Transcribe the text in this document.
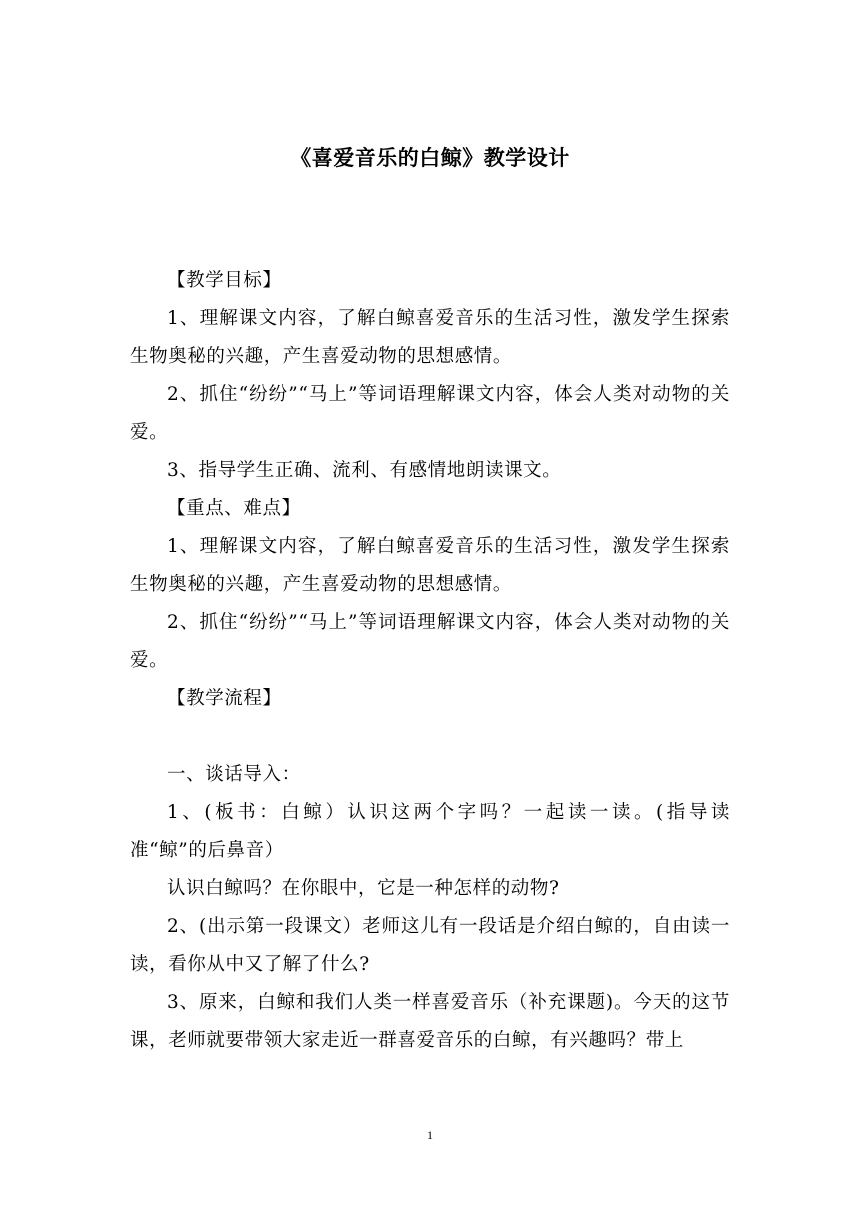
《喜爱音乐的白鲸》教学设计

【教学目标】

1、理解课文内容，了解白鲸喜爱音乐的生活习性，激发学生探索生物奥秘的兴趣，产生喜爱动物的思想感情。

2、抓住“纷纷”“马上”等词语理解课文内容，体会人类对动物的关爱。

3、指导学生正确、流利、有感情地朗读课文。

【重点、难点】

1、理解课文内容，了解白鲸喜爱音乐的生活习性，激发学生探索生物奥秘的兴趣，产生喜爱动物的思想感情。

2、抓住“纷纷”“马上”等词语理解课文内容，体会人类对动物的关爱。

【教学流程】

一、谈话导入：

1、(板书：白鲸）认识这两个字吗？一起读一读。(指导读准“鲸”的后鼻音）

认识白鲸吗？在你眼中，它是一种怎样的动物?

2、(出示第一段课文）老师这儿有一段话是介绍白鲸的，自由读一读，看你从中又了解了什么?

3、原来，白鲸和我们人类一样喜爱音乐（补充课题)。今天的这节课，老师就要带领大家走近一群喜爱音乐的白鲸，有兴趣吗？带上

1
